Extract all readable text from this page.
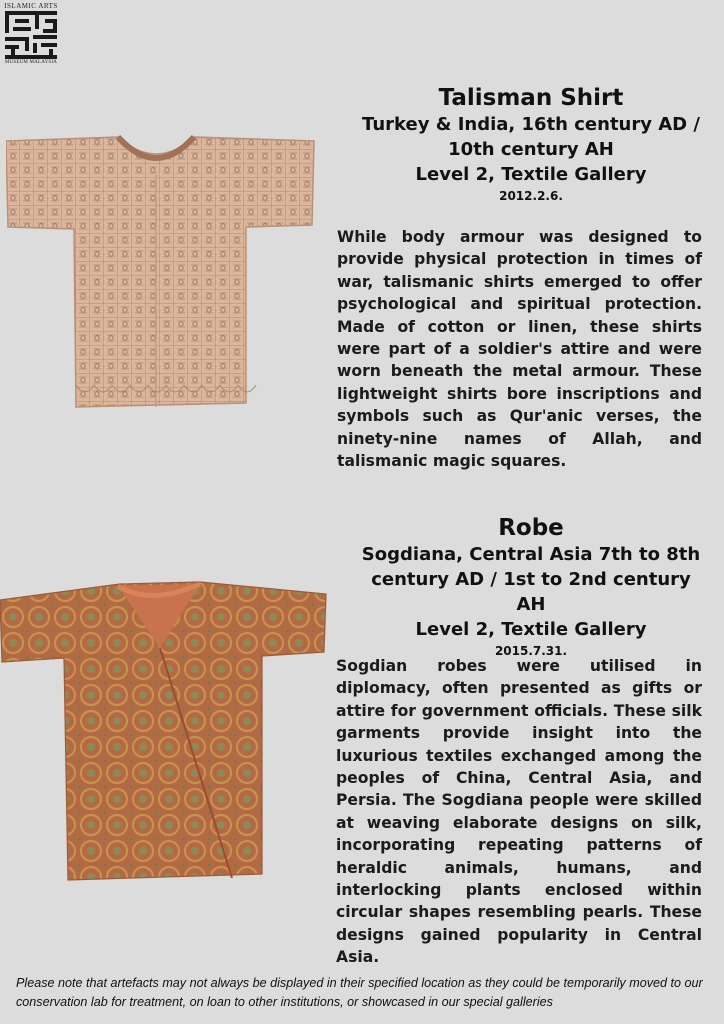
ISLAMIC ARTS
MUSEUM MALAYSIA
Talisman Shirt
Turkey & India, 16th century AD /
10th century AH
Level 2, Textile Gallery
2012.2.6.
While body armour was designed to provide physical protection in times of war, talismanic shirts emerged to offer psychological and spiritual protection. Made of cotton or linen, these shirts were part of a soldier's attire and were worn beneath the metal armour. These lightweight shirts bore inscriptions and symbols such as Qur'anic verses, the ninety-nine names of Allah, and talismanic magic squares.
Robe
Sogdiana, Central Asia 7th to 8th
century AD / 1st to 2nd century AH
Level 2, Textile Gallery
2015.7.31.
Sogdian robes were utilised in diplomacy, often presented as gifts or attire for government officials. These silk garments provide insight into the luxurious textiles exchanged among the peoples of China, Central Asia, and Persia. The Sogdiana people were skilled at weaving elaborate designs on silk, incorporating repeating patterns of heraldic animals, humans, and interlocking plants enclosed within circular shapes resembling pearls. These designs gained popularity in Central Asia.
Please note that artefacts may not always be displayed in their specified location as they could be temporarily moved to our conservation lab for treatment, on loan to other institutions, or showcased in our special galleries
